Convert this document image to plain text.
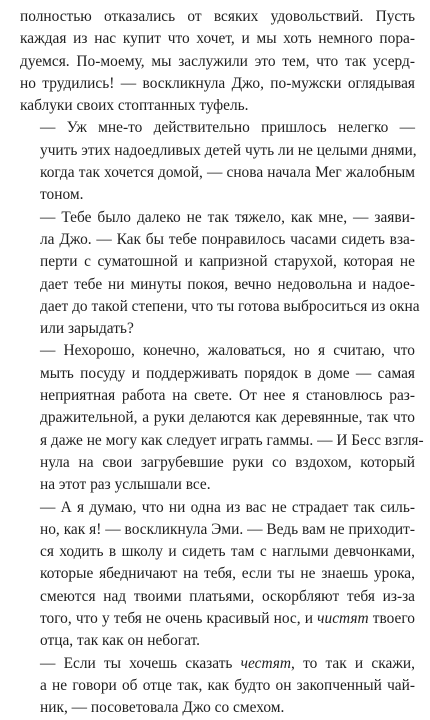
полностью отказались от всяких удовольствий. Пусть
каждая из нас купит что хочет, и мы хоть немного пора-
дуемся. По-моему, мы заслужили это тем, что так усерд-
но трудились! — воскликнула Джо, по-мужски оглядывая
каблуки своих стоптанных туфель.

— Уж мне-то действительно пришлось нелегко —
учить этих надоедливых детей чуть ли не целыми днями,
когда так хочется домой, — снова начала Мег жалобным
тоном.

— Тебе было далеко не так тяжело, как мне, — заяви-
ла Джо. — Как бы тебе понравилось часами сидеть вза-
перти с суматошной и капризной старухой, которая не
дает тебе ни минуты покоя, вечно недовольна и надое-
дает до такой степени, что ты готова выброситься из окна
или зарыдать?

— Нехорошо, конечно, жаловаться, но я считаю, что
мыть посуду и поддерживать порядок в доме — самая
неприятная работа на свете. От нее я становлюсь раз-
дражительной, а руки делаются как деревянные, так что
я даже не могу как следует играть гаммы. — И Бесс взгля-
нула на свои загрубевшие руки со вздохом, который
на этот раз услышали все.

— А я думаю, что ни одна из вас не страдает так силь-
но, как я! — воскликнула Эми. — Ведь вам не приходит-
ся ходить в школу и сидеть там с наглыми девчонками,
которые ябедничают на тебя, если ты не знаешь урока,
смеются над твоими платьями, оскорбляют тебя из-за
того, что у тебя не очень красивый нос, и чистят твоего
отца, так как он небогат.

— Если ты хочешь сказать честят, то так и скажи,
а не говори об отце так, как будто он закопченный чай-
ник, — посоветовала Джо со смехом.
